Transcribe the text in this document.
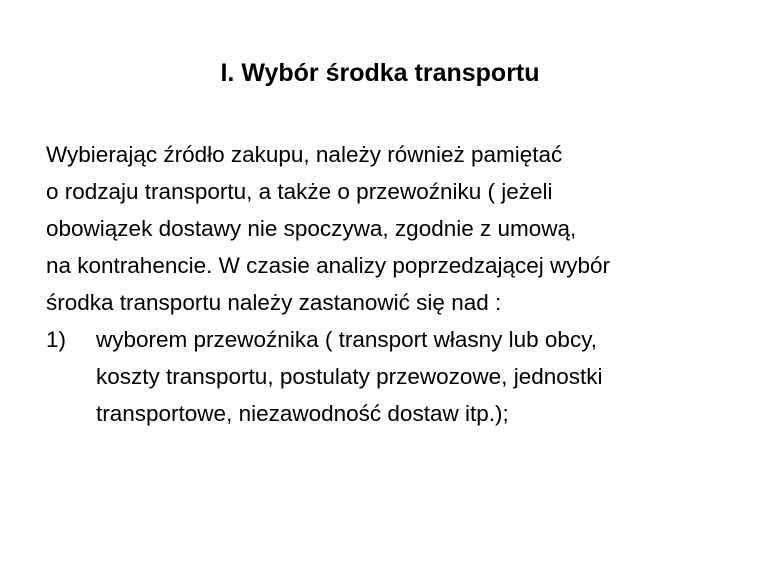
I. Wybór środka transportu
Wybierając źródło zakupu, należy również pamiętać
o rodzaju transportu, a także o przewoźniku ( jeżeli
obowiązek dostawy nie spoczywa, zgodnie z umową,
na kontrahencie. W czasie analizy poprzedzającej wybór
środka transportu należy zastanowić się nad :
1) wyborem przewoźnika ( transport własny lub obcy,
koszty transportu, postulaty przewozowe, jednostki
transportowe, niezawodność dostaw itp.);
